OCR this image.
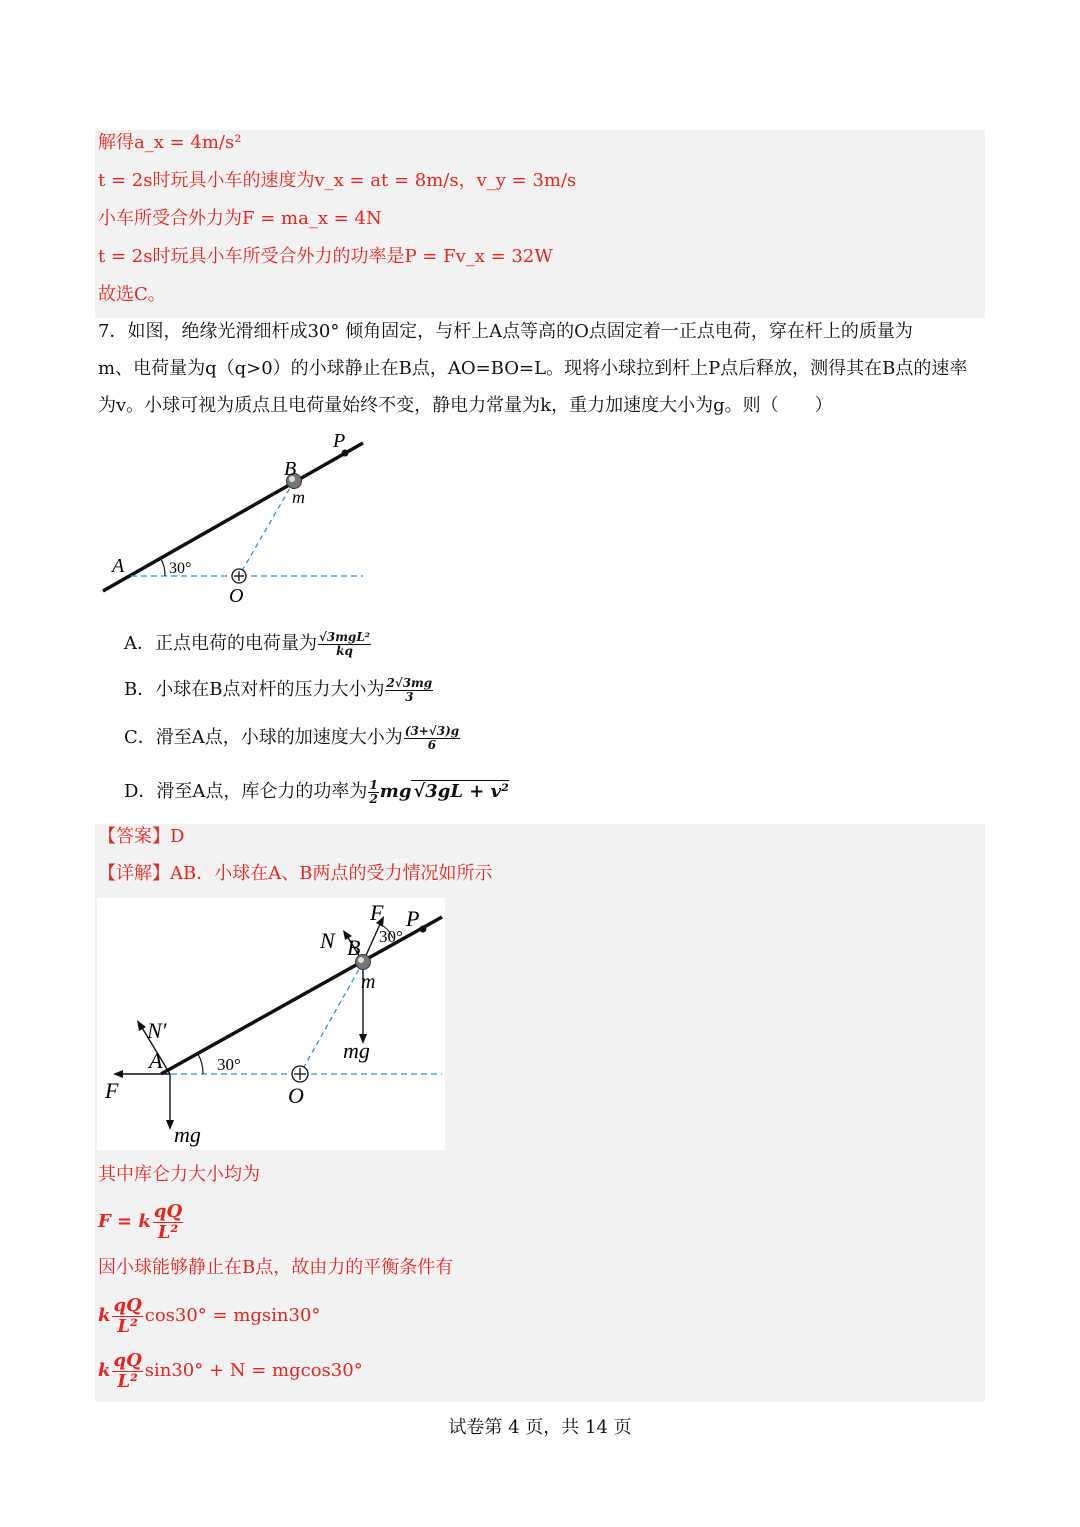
解得a_x = 4m/s²
t = 2s时玩具小车的速度为v_x = at = 8m/s，v_y = 3m/s
小车所受合外力为F = ma_x = 4N
t = 2s时玩具小车所受合外力的功率是P = Fv_x = 32W
故选C。
7．如图，绝缘光滑细杆成30° 倾角固定，与杆上A点等高的O点固定着一正点电荷，穿在杆上的质量为
m、电荷量为q（q>0）的小球静止在B点，AO=BO=L。现将小球拉到杆上P点后释放，测得其在B点的速率
为v。小球可视为质点且电荷量始终不变，静电力常量为k，重力加速度大小为g。则（　　）
P
B
m
A	30°
O
A．正点电荷的电荷量为 $\frac{\text{√3mgL²}}{kq}$
B．小球在B点对杆的压力大小为 $\frac{2√3mg}{3}$
C．滑至A点，小球的加速度大小为 $\frac{(3+√3)g}{6}$
D．滑至A点，库仑力的功率为 $\frac{1}{2}$ mg √3gL + v²
【答案】D
【详解】AB．小球在A、B两点的受力情况如所示
F P
N B 30°
m
mg
N′
A	30°
F	O
mg
其中库仑力大小均为
F = k $\frac{qQ}{\text{L²}}$
因小球能够静止在B点，故由力的平衡条件有
k $\frac{qQ}{\text{L²}} \cos 30^\circ = mgsin30^\circ$
k $\frac{qQ}{\text{L²}} \sin 30^\circ + N = mgcos30^\circ$
试卷第 4 页，共 14 页
